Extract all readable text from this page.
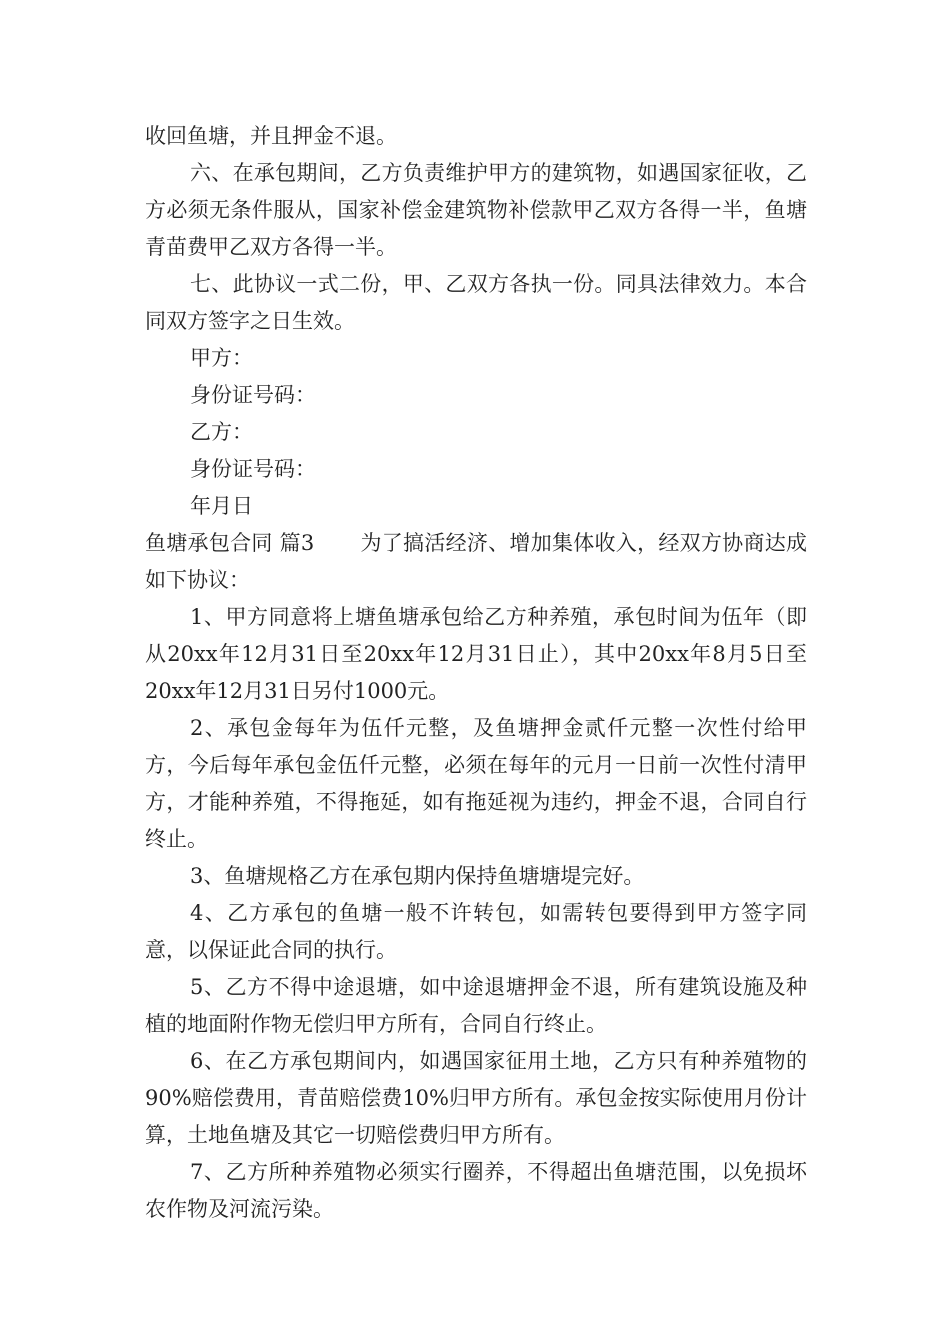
收回鱼塘，并且押金不退。

六、在承包期间，乙方负责维护甲方的建筑物，如遇国家征收，乙方必须无条件服从，国家补偿金建筑物补偿款甲乙双方各得一半，鱼塘青苗费甲乙双方各得一半。

七、此协议一式二份，甲、乙双方各执一份。同具法律效力。本合同双方签字之日生效。

甲方：

身份证号码：

乙方：

身份证号码：

年月日

鱼塘承包合同 篇3 为了搞活经济、增加集体收入，经双方协商达成如下协议：

1、甲方同意将上塘鱼塘承包给乙方种养殖，承包时间为伍年（即从20xx年12月31日至20xx年12月31日止），其中20xx年8月5日至20xx年12月31日另付1000元。

2、承包金每年为伍仟元整，及鱼塘押金贰仟元整一次性付给甲方，今后每年承包金伍仟元整，必须在每年的元月一日前一次性付清甲方，才能种养殖，不得拖延，如有拖延视为违约，押金不退，合同自行终止。

3、鱼塘规格乙方在承包期内保持鱼塘塘堤完好。

4、乙方承包的鱼塘一般不许转包，如需转包要得到甲方签字同意，以保证此合同的执行。

5、乙方不得中途退塘，如中途退塘押金不退，所有建筑设施及种植的地面附作物无偿归甲方所有，合同自行终止。

6、在乙方承包期间内，如遇国家征用土地，乙方只有种养殖物的90%赔偿费用，青苗赔偿费10%归甲方所有。承包金按实际使用月份计算，土地鱼塘及其它一切赔偿费归甲方所有。

7、乙方所种养殖物必须实行圈养，不得超出鱼塘范围，以免损坏农作物及河流污染。
